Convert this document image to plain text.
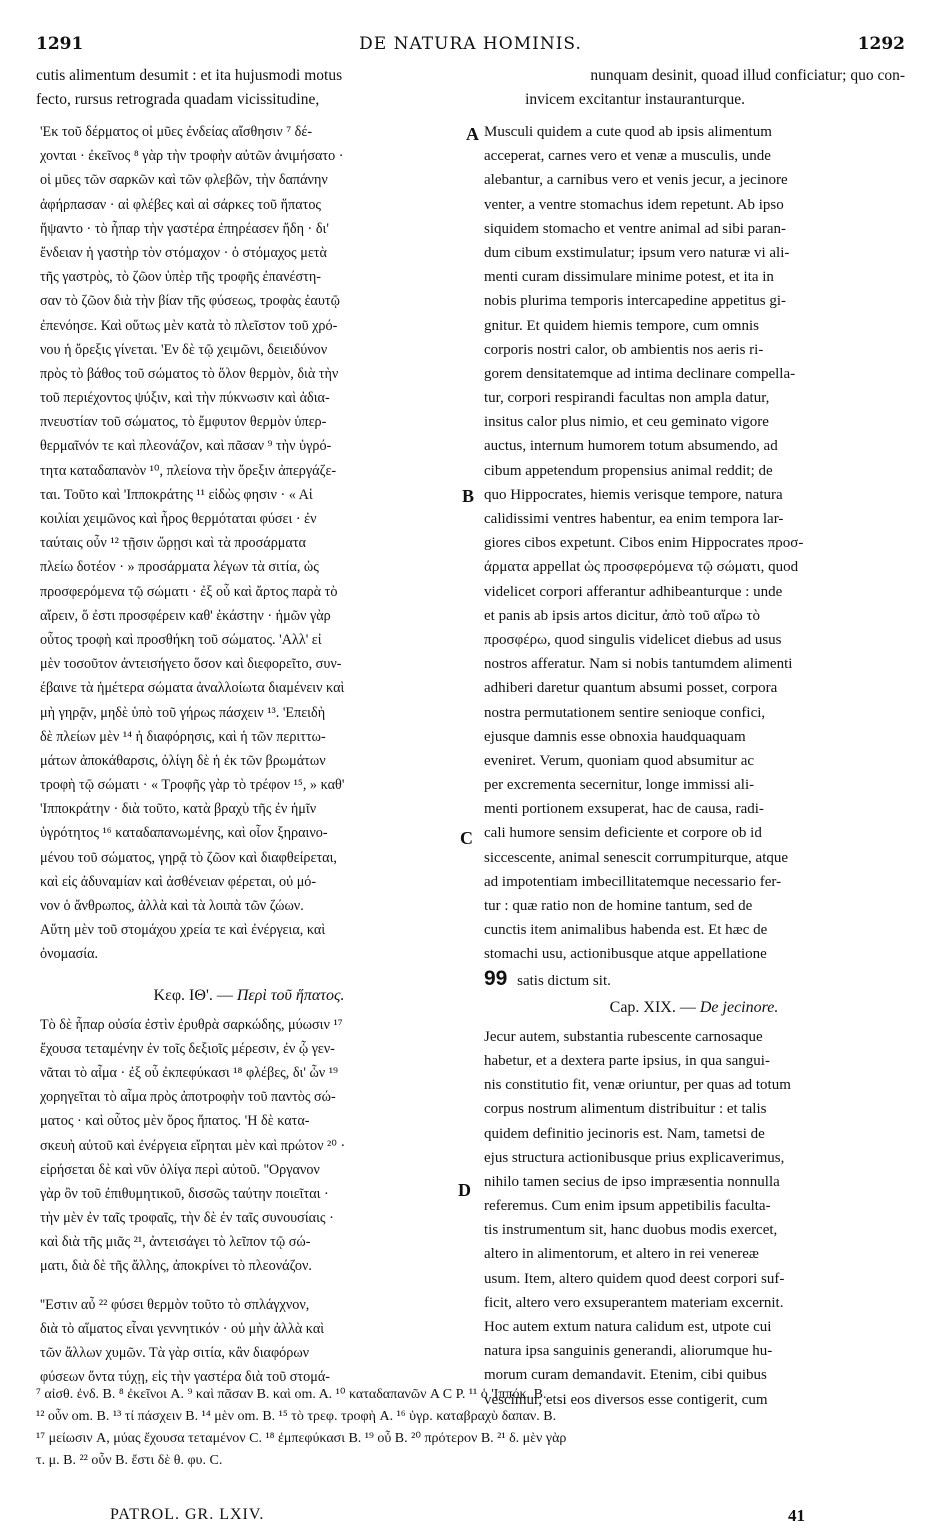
1291	DE NATURA HOMINIS.	1292
cutis alimentum desumit : et ita hujusmodi motus	nunquam desinit, quoad illud conficiatur; quo con-
fecto, rursus retrograda quadam vicissitudine,	invicem excitantur instauranturque.
'Εκ τοῦ δέρματος οἱ μῦες ἐνδείας αἴσθησιν ⁷ δέ-
χονται · ἐκεῖνος ⁸ γὰρ τὴν τροφὴν αὐτῶν ἀνιμήσατο ·
οἱ μῦες τῶν σαρκῶν καὶ τῶν φλεβῶν, τὴν δαπάνην
ἀφήρπασαν · αἱ φλέβες καὶ αἱ σάρκες τοῦ ἥπατος
ἥψαντο · τὸ ἧπαρ τὴν γαστέρα ἐπηρέασεν ἤδη · δι'
ἔνδειαν ἡ γαστὴρ τὸν στόμαχον · ὁ στόμαχος μετὰ
τῆς γαστρὸς, τὸ ζῶον ὑπὲρ τῆς τροφῆς ἐπανέστη-
σαν τὸ ζῶον διὰ τὴν βίαν τῆς φύσεως, τροφὰς ἑαυτῷ
ἐπενόησε. Καὶ οὕτως μὲν κατὰ τὸ πλεῖστον τοῦ χρό-
νου ἡ ὄρεξις γίνεται. 'Εν δὲ τῷ χειμῶνι, δειειδύνον
πρὸς τὸ βάθος τοῦ σώματος τὸ ὅλον θερμὸν, διὰ τὴν
τοῦ περιέχοντος ψύξιν, καὶ τὴν πύκνωσιν καὶ ἀδια-
πνευστίαν τοῦ σώματος, τὸ ἔμφυτον θερμὸν ὑπερ-
θερμαῖνόν τε καὶ πλεονάζον, καὶ πᾶσαν ⁹ τὴν ὑγρό-
τητα καταδαπανὸν ¹⁰, πλείονα τὴν ὄρεξιν ἀπεργάζε-
ται. Τοῦτο καὶ 'Ιπποκράτης ¹¹ εἰδὼς φησιν · « Αἱ
κοιλίαι χειμῶνος καὶ ἦρος θερμόταται φύσει · ἐν
ταύταις οὖν ¹² τῇσιν ὥρῃσι καὶ τὰ προσάρματα
πλείω δοτέον · » προσάρματα λέγων τὰ σιτία, ὡς
προσφερόμενα τῷ σώματι · ἐξ οὗ καὶ ἄρτος παρὰ τὸ
αἴρειν, ὅ ἐστι προσφέρειν καθ' ἑκάστην · ἡμῶν γὰρ
οὗτος τροφὴ καὶ προσθήκη τοῦ σώματος. 'Αλλ' εἰ
μὲν τοσοῦτον ἀντεισήγετο ὅσον καὶ διεφορεῖτο, συν-
έβαινε τὰ ἡμέτερα σώματα ἀναλλοίωτα διαμένειν καὶ
μὴ γηρᾷν, μηδὲ ὑπὸ τοῦ γήρως πάσχειν ¹³. 'Επειδὴ
δὲ πλείων μὲν ¹⁴ ἡ διαφόρησις, καὶ ἡ τῶν περιττω-
μάτων ἀποκάθαρσις, ὀλίγη δὲ ἡ ἐκ τῶν βρωμάτων
τροφὴ τῷ σώματι · « Τροφῆς γὰρ τὸ τρέφον ¹⁵, » καθ'
'Ιπποκράτην · διὰ τοῦτο, κατὰ βραχὺ τῆς ἐν ἡμῖν
ὑγρότητος ¹⁶ καταδαπανωμένης, καὶ οἷον ξηραινο-
μένου τοῦ σώματος, γηρᾷ τὸ ζῶον καὶ διαφθείρεται,
καὶ εἰς ἀδυναμίαν καὶ ἀσθένειαν φέρεται, οὐ μό-
νον ὁ ἄνθρωπος, ἀλλὰ καὶ τὰ λοιπὰ τῶν ζώων.
Αὕτη μὲν τοῦ στομάχου χρεία τε καὶ ἐνέργεια, καὶ
ὀνομασία.
Κεφ. ΙΘ'. — Περὶ τοῦ ἥπατος.
Τὸ δὲ ἧπαρ οὐσία ἐστὶν ἐρυθρὰ σαρκώδης, μύωσιν ¹⁷
ἔχουσα τεταμένην ἐν τοῖς δεξιοῖς μέρεσιν, ἐν ᾧ γεν-
νᾶται τὸ αἷμα · ἐξ οὗ ἐκπεφύκασι ¹⁸ φλέβες, δι' ὧν ¹⁹
χορηγεῖται τὸ αἷμα πρὸς ἀποτροφὴν τοῦ παντὸς σώ-
ματος · καὶ οὗτος μὲν ὅρος ἥπατος. 'Η δὲ κατα-
σκευὴ αὐτοῦ καὶ ἐνέργεια εἴρηται μὲν καὶ πρώτον ²⁰ ·
εἰρήσεται δὲ καὶ νῦν ὀλίγα περὶ αὐτοῦ. ''Οργανον
γὰρ ὂν τοῦ ἐπιθυμητικοῦ, δισσῶς ταύτην ποιεῖται ·
τὴν μὲν ἐν ταῖς τροφαῖς, τὴν δὲ ἐν ταῖς συνουσίαις ·
καὶ διὰ τῆς μιᾶς ²¹, ἀντεισάγει τὸ λεῖπον τῷ σώ-
ματι, διὰ δὲ τῆς ἄλλης, ἀποκρίνει τὸ πλεονάζον.
''Εστιν αὖ ²² φύσει θερμὸν τοῦτο τὸ σπλάγχνον,
διὰ τὸ αἵματος εἶναι γεννητικόν · οὐ μὴν ἀλλὰ καὶ
τῶν ἄλλων χυμῶν. Τὰ γὰρ σιτία, κἂν διαφόρων
φύσεων ὄντα τύχῃ, εἰς τὴν γαστέρα διὰ τοῦ στομά-
Musculi quidem a cute quod ab ipsis alimentum
acceperat, carnes vero et venæ a musculis, unde
alebantur, a carnibus vero et venis jecur, a jecinore
venter, a ventre stomachus idem repetunt. Ab ipso
siquidem stomacho et ventre animal ad sibi paran-
dum cibum exstimulatur; ipsum vero naturæ vi ali-
menti curam dissimulare minime potest, et ita in
nobis plurima temporis intercapedine appetitus gi-
gnitur. Et quidem hiemis tempore, cum omnis
corporis nostri calor, ob ambientis nos aeris ri-
gorem densitatemque ad intima declinare compella-
tur, corpori respirandi facultas non ampla datur,
insitus calor plus nimio, et ceu geminato vigore
auctus, internum humorem totum absumendo, ad
cibum appetendum propensius animal reddit; de
quo Hippocrates, hiemis verisque tempore, natura
calidissimi ventres habentur, ea enim tempora lar-
giores cibos expetunt. Cibos enim Hippocrates προσ-
άρματα appellat ὡς προσφερόμενα τῷ σώματι, quod
videlicet corpori afferantur adhibeanturque : unde
et panis ab ipsis artos dicitur, ἀπὸ τοῦ αἴρω τὸ
προσφέρω, quod singulis videlicet diebus ad usus
nostros afferatur. Nam si nobis tantumdem alimenti
adhiberi daretur quantum absumi posset, corpora
nostra permutationem sentire senioque confici,
ejusque damnis esse obnoxia haudquaquam
eveniret. Verum, quoniam quod absumitur ac
per excrementa secernitur, longe immissi ali-
menti portionem exsuperat, hac de causa, radi-
cali humore sensim deficiente et corpore ob id
siccescente, animal senescit corrumpiturque, atque
ad impotentiam imbecillitatemque necessario fer-
tur : quæ ratio non de homine tantum, sed de
cunctis item animalibus habenda est. Et hæc de
stomachi usu, actionibusque atque appellatione
99 satis dictum sit.
Cap. XIX. — De jecinore.
Jecur autem, substantia rubescente carnosaque
habetur, et a dextera parte ipsius, in qua sangui-
nis constitutio fit, venæ oriuntur, per quas ad totum
corpus nostrum alimentum distribuitur : et talis
quidem definitio jecinoris est. Nam, tametsi de
ejus structura actionibusque prius explicaverimus,
nihilo tamen secius de ipso impræsentia nonnulla
referemus. Cum enim ipsum appetibilis faculta-
tis instrumentum sit, hanc duobus modis exercet,
altero in alimentorum, et altero in rei venereæ
usum. Item, altero quidem quod deest corpori suf-
ficit, altero vero exsuperantem materiam excernit.
Hoc autem extum natura calidum est, utpote cui
natura ipsa sanguinis generandi, aliorumque hu-
morum curam demandavit. Etenim, cibi quibus
vescimur, etsi eos diversos esse contigerit, cum
A
B
C
D
⁷ αἰσθ. ἐνδ. B. ⁸ ἐκεῖνοι A. ⁹ καὶ πᾶσαν B. καὶ om. A. ¹⁰ καταδαπανῶν A C P. ¹¹ ὁ 'Ιππόκ. B.
¹² οὖν om. B. ¹³ τί πάσχειν B. ¹⁴ μὲν om. B. ¹⁵ τὸ τρεφ. τροφὴ A. ¹⁶ ὑγρ. καταβραχὺ δαπαν. B.
¹⁷ μείωσιν A, μύας ἔχουσα τεταμένον C. ¹⁸ ἐμπεφύκασι B. ¹⁹ οὗ B. ²⁰ πρότερον B. ²¹ δ. μὲν γὰρ
τ. μ. B. ²² οὖν B. ἔστι δὲ θ. φυ. C.
PATROL. GR. LXIV.	41
